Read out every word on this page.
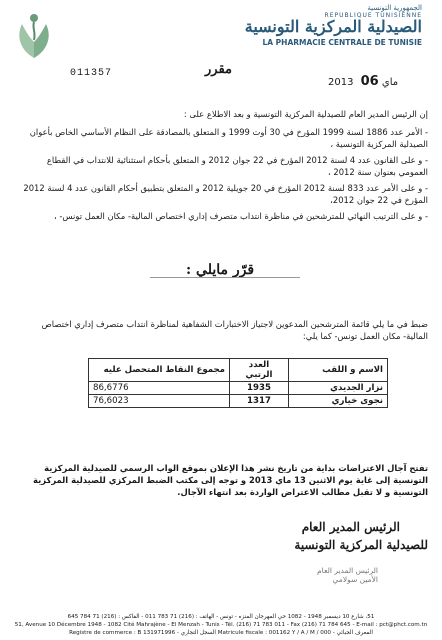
الجمهورية التونسية
REPUBLIQUE TUNISIENNE
الصيدلية المركزية التونسية
LA PHARMACIE CENTRALE DE TUNISIE
011357	مقرر
2013	ماي 06
إن الرئيس المدير العام للصيدلية المركزية التونسية و بعد الاطلاع على :
- الأمر عدد 1886 لسنة 1999 المؤرخ في 30 أوت 1999 و المتعلق بالمصادقة على النظام الأساسي الخاص بأعوان الصيدلية المركزية التونسية ،
- و على القانون عدد 4 لسنة 2012 المؤرخ في 22 جوان 2012 و المتعلق بأحكام استثنائية للانتداب في القطاع العمومي بعنوان سنة 2012 ،
- و على الأمر عدد 833 لسنة 2012 المؤرخ في 20 جويلية 2012 و المتعلق بتطبيق أحكام القانون عدد 4 لسنة 2012 المؤرخ في 22 جوان 2012،
- و على الترتيب النهائي للمترشحين في مناظرة انتداب متصرف إداري اختصاص المالية- مكان العمل تونس- ،
قرّر مايلي :
ضبط في ما يلي قائمة المترشحين المدعوين لاجتياز الاختبارات الشفاهية لمناظرة انتداب متصرف إداري اختصاص المالية- مكان العمل تونس- كما يلي:
الاسم و اللقب	العدد الرتبي	مجموع النقاط المتحصل عليه
نزار الجديدي	1935	86,6776
نجوى خياري	1317	76,6023
تفتح آجال الاعتراضات بداية من تاريخ نشر هذا الإعلان بموقع الواب الرسمي للصيدلية المركزية التونسية إلى غاية يوم الاثنين 13 ماي 2013 و توجه إلى مكتب الضبط المركزي للصيدلية المركزية التونسية و لا تقبل مطالب الاعتراض الواردة بعد انتهاء الآجال.
الرئيس المدير العام
للصيدلية المركزية التونسية
الرئيس المدير العام
الأمين سولامي
51، شارع 10 ديسمبر 1948 - 1082 حي المهرجان المنزه - تونس - الهاتف : (216) 71 783 011 - الفاكس : (216) 71 784 645
51, Avenue 10 Décembre 1948 - 1082 Cité Mahrajène - El Menzah - Tunis - Tél. (216) 71 783 011 - Fax (216) 71 784 645 - E-mail : pct@phct.com.tn
Registre de commerce : B 131971996 - السجل التجاري Matricule fiscale : 001162 Y / A / M / 000 - المعرف الجبائي
